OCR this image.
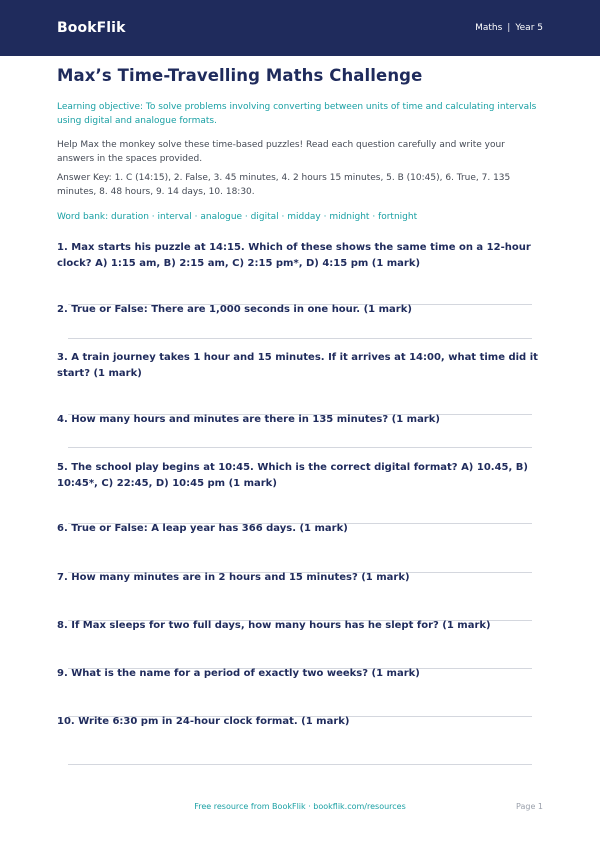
BookFlik	Maths | Year 5
Max’s Time-Travelling Maths Challenge

Learning objective: To solve problems involving converting between units of time and calculating intervals using digital and analogue formats.

Help Max the monkey solve these time-based puzzles! Read each question carefully and write your answers in the spaces provided.

Answer Key: 1. C (14:15), 2. False, 3. 45 minutes, 4. 2 hours 15 minutes, 5. B (10:45), 6. True, 7. 135 minutes, 8. 48 hours, 9. 14 days, 10. 18:30.

Word bank: duration · interval · analogue · digital · midday · midnight · fortnight

1. Max starts his puzzle at 14:15. Which of these shows the same time on a 12-hour clock? A) 1:15 am, B) 2:15 am, C) 2:15 pm*, D) 4:15 pm (1 mark)

2. True or False: There are 1,000 seconds in one hour. (1 mark)

3. A train journey takes 1 hour and 15 minutes. If it arrives at 14:00, what time did it start? (1 mark)

4. How many hours and minutes are there in 135 minutes? (1 mark)

5. The school play begins at 10:45. Which is the correct digital format? A) 10.45, B) 10:45*, C) 22:45, D) 10:45 pm (1 mark)

6. True or False: A leap year has 366 days. (1 mark)

7. How many minutes are in 2 hours and 15 minutes? (1 mark)

8. If Max sleeps for two full days, how many hours has he slept for? (1 mark)

9. What is the name for a period of exactly two weeks? (1 mark)

10. Write 6:30 pm in 24-hour clock format. (1 mark)

Free resource from BookFlik · bookflik.com/resources	Page 1
